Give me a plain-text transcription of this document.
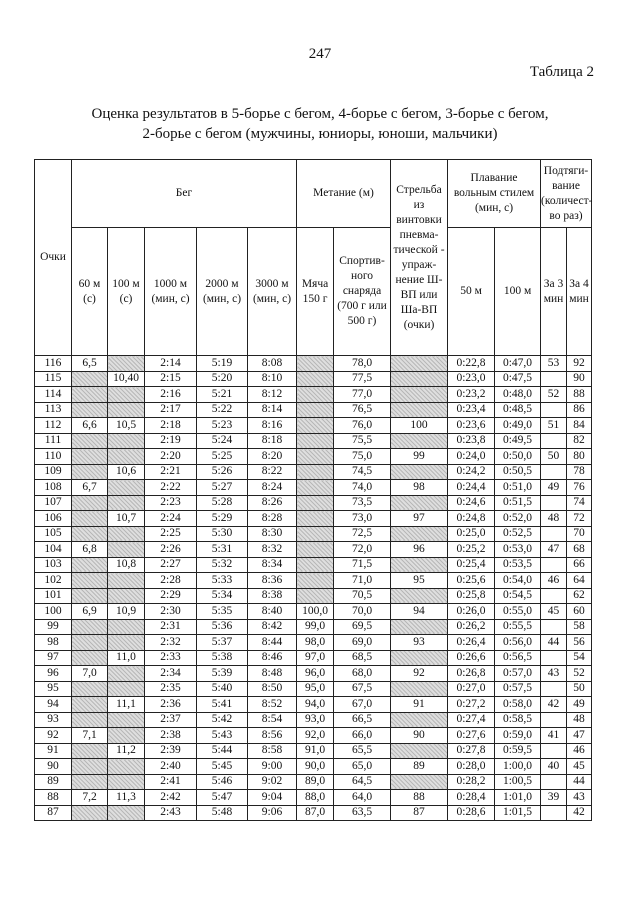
247
Таблица 2
Оценка результатов в 5-борье с бегом, 4-борье с бегом, 3-борье с бегом,
2-борье с бегом (мужчины, юниоры, юноши, мальчики)
Очки	Бег					Метание (м)		Стрельба из винтовки пневма-тической - упраж-нение Ш-ВП или Ша-ВП (очки)	Плавание вольным стилем (мин, с)		Подтяги-вание (количест-во раз)	
	60 м (с)	100 м (с)	1000 м (мин, с)	2000 м (мин, с)	3000 м (мин, с)	Мяча 150 г	Спортив-ного снаряда (700 г или 500 г)		50 м	100 м	За 3 мин	За 4 мин
116	6,5		2:14	5:19	8:08		78,0		0:22,8	0:47,0	53	92
115		10,40	2:15	5:20	8:10		77,5		0:23,0	0:47,5		90
114			2:16	5:21	8:12		77,0		0:23,2	0:48,0	52	88
113			2:17	5:22	8:14		76,5		0:23,4	0:48,5		86
112	6,6	10,5	2:18	5:23	8:16		76,0	100	0:23,6	0:49,0	51	84
111			2:19	5:24	8:18		75,5		0:23,8	0:49,5		82
110			2:20	5:25	8:20		75,0	99	0:24,0	0:50,0	50	80
109		10,6	2:21	5:26	8:22		74,5		0:24,2	0:50,5		78
108	6,7		2:22	5:27	8:24		74,0	98	0:24,4	0:51,0	49	76
107			2:23	5:28	8:26		73,5		0:24,6	0:51,5		74
106		10,7	2:24	5:29	8:28		73,0	97	0:24,8	0:52,0	48	72
105			2:25	5:30	8:30		72,5		0:25,0	0:52,5		70
104	6,8		2:26	5:31	8:32		72,0	96	0:25,2	0:53,0	47	68
103		10,8	2:27	5:32	8:34		71,5		0:25,4	0:53,5		66
102			2:28	5:33	8:36		71,0	95	0:25,6	0:54,0	46	64
101			2:29	5:34	8:38		70,5		0:25,8	0:54,5		62
100	6,9	10,9	2:30	5:35	8:40	100,0	70,0	94	0:26,0	0:55,0	45	60
99			2:31	5:36	8:42	99,0	69,5		0:26,2	0:55,5		58
98			2:32	5:37	8:44	98,0	69,0	93	0:26,4	0:56,0	44	56
97		11,0	2:33	5:38	8:46	97,0	68,5		0:26,6	0:56,5		54
96	7,0		2:34	5:39	8:48	96,0	68,0	92	0:26,8	0:57,0	43	52
95			2:35	5:40	8:50	95,0	67,5		0:27,0	0:57,5		50
94		11,1	2:36	5:41	8:52	94,0	67,0	91	0:27,2	0:58,0	42	49
93			2:37	5:42	8:54	93,0	66,5		0:27,4	0:58,5		48
92	7,1		2:38	5:43	8:56	92,0	66,0	90	0:27,6	0:59,0	41	47
91		11,2	2:39	5:44	8:58	91,0	65,5		0:27,8	0:59,5		46
90			2:40	5:45	9:00	90,0	65,0	89	0:28,0	1:00,0	40	45
89			2:41	5:46	9:02	89,0	64,5		0:28,2	1:00,5		44
88	7,2	11,3	2:42	5:47	9:04	88,0	64,0	88	0:28,4	1:01,0	39	43
87			2:43	5:48	9:06	87,0	63,5	87	0:28,6	1:01,5		42
